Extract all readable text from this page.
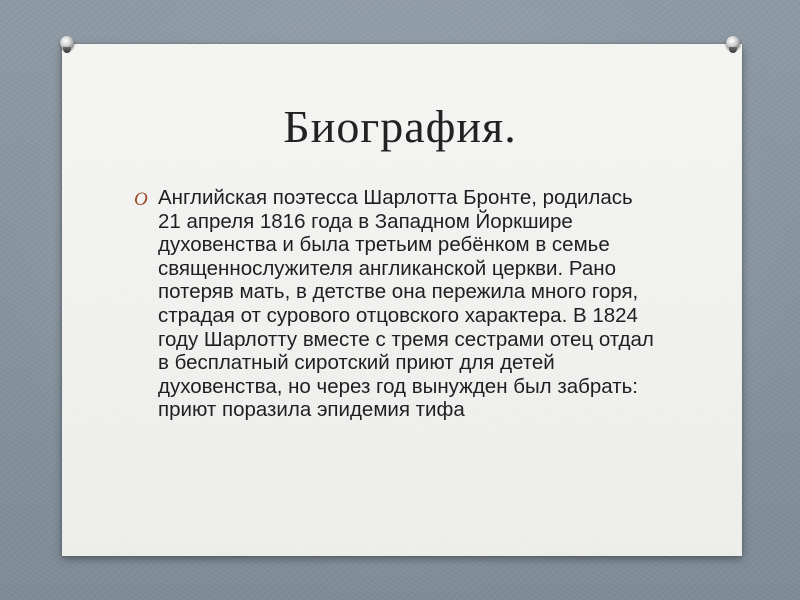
Биография.
O Английская поэтесса Шарлотта Бронте, родилась 21 апреля 1816 года в Западном Йоркшире духовенства и была третьим ребёнком в семье священнослужителя англиканской церкви. Рано потеряв мать, в детстве она пережила много горя, страдая от сурового отцовского характера. В 1824 году Шарлотту вместе с тремя сестрами отец отдал в бесплатный сиротский приют для детей духовенства, но через год вынужден был забрать: приют поразила эпидемия тифа
